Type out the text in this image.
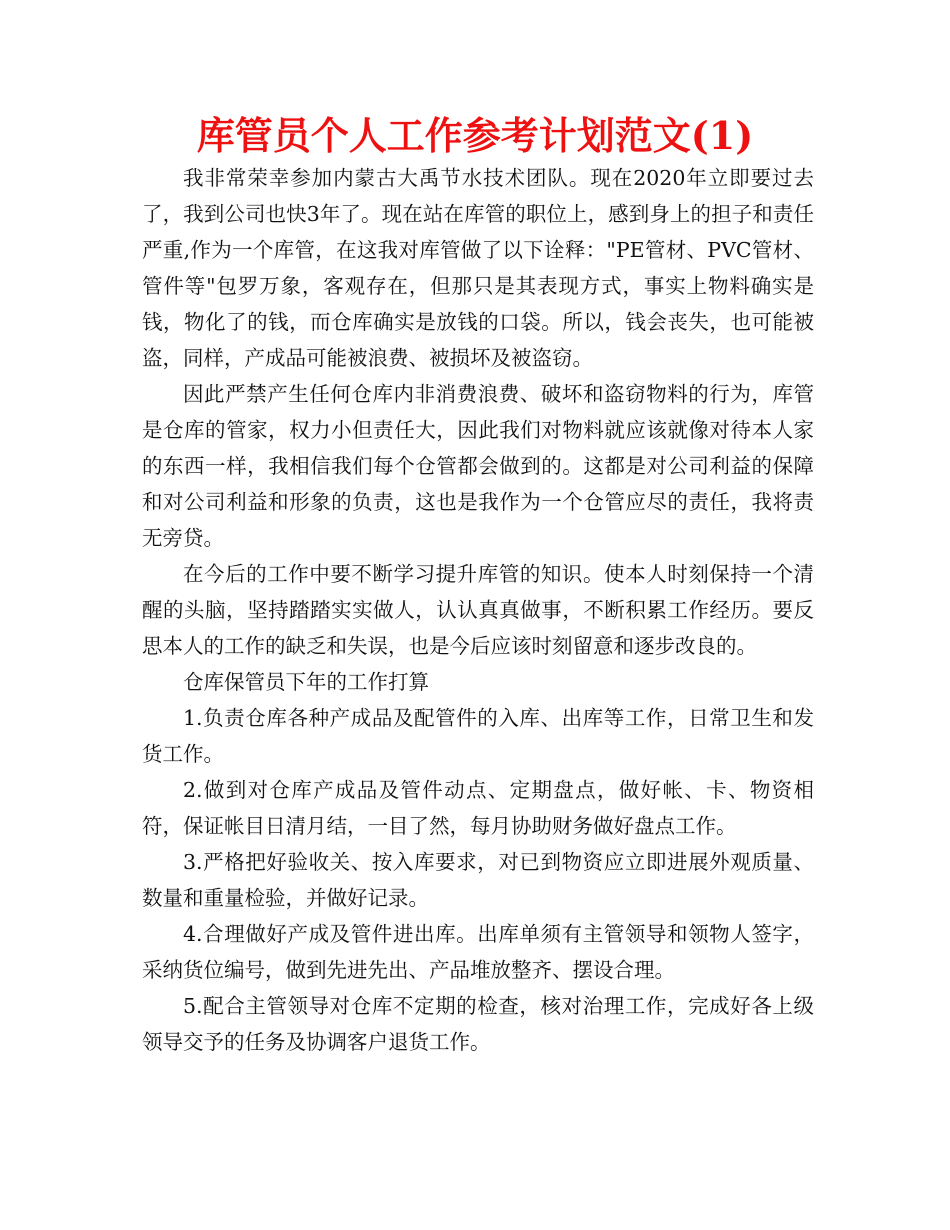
库管员个人工作参考计划范文(1)

我非常荣幸参加内蒙古大禹节水技术团队。现在2020年立即要过去了，我到公司也快3年了。现在站在库管的职位上，感到身上的担子和责任严重,作为一个库管，在这我对库管做了以下诠释："PE管材、PVC管材、管件等"包罗万象，客观存在，但那只是其表现方式，事实上物料确实是钱，物化了的钱，而仓库确实是放钱的口袋。所以，钱会丧失，也可能被盗，同样，产成品可能被浪费、被损坏及被盗窃。

因此严禁产生任何仓库内非消费浪费、破坏和盗窃物料的行为，库管是仓库的管家，权力小但责任大，因此我们对物料就应该就像对待本人家的东西一样，我相信我们每个仓管都会做到的。这都是对公司利益的保障和对公司利益和形象的负责，这也是我作为一个仓管应尽的责任，我将责无旁贷。

在今后的工作中要不断学习提升库管的知识。使本人时刻保持一个清醒的头脑，坚持踏踏实实做人，认认真真做事，不断积累工作经历。要反思本人的工作的缺乏和失误，也是今后应该时刻留意和逐步改良的。

仓库保管员下年的工作打算

1.负责仓库各种产成品及配管件的入库、出库等工作，日常卫生和发货工作。

2.做到对仓库产成品及管件动点、定期盘点，做好帐、卡、物资相符，保证帐目日清月结，一目了然，每月协助财务做好盘点工作。

3.严格把好验收关、按入库要求，对已到物资应立即进展外观质量、数量和重量检验，并做好记录。

4.合理做好产成及管件进出库。出库单须有主管领导和领物人签字，采纳货位编号，做到先进先出、产品堆放整齐、摆设合理。

5.配合主管领导对仓库不定期的检查，核对治理工作，完成好各上级领导交予的任务及协调客户退货工作。
